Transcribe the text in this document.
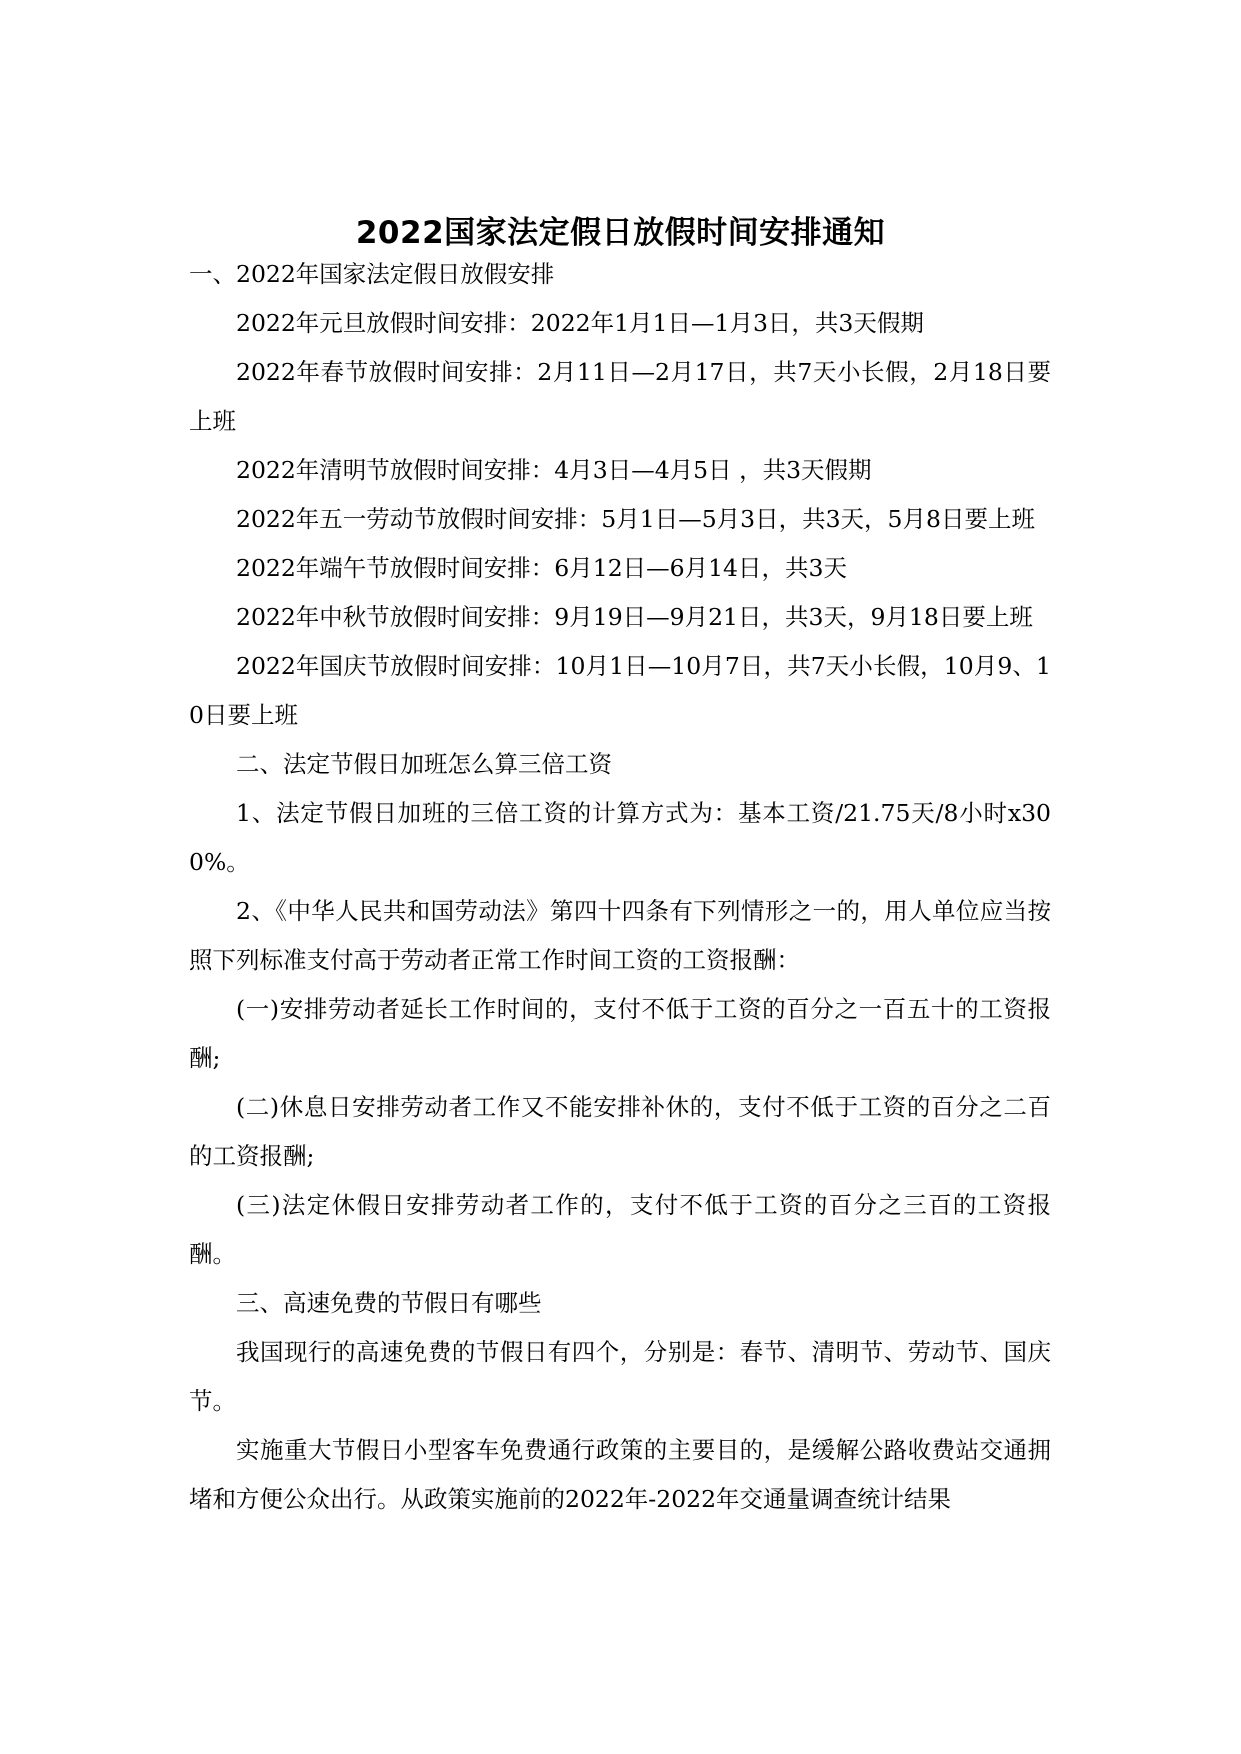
2022国家法定假日放假时间安排通知

一、2022年国家法定假日放假安排

2022年元旦放假时间安排：2022年1月1日—1月3日，共3天假期

2022年春节放假时间安排：2月11日—2月17日，共7天小长假，2月18日要上班

2022年清明节放假时间安排：4月3日—4月5日 ，共3天假期

2022年五一劳动节放假时间安排：5月1日—5月3日，共3天，5月8日要上班

2022年端午节放假时间安排：6月12日—6月14日，共3天

2022年中秋节放假时间安排：9月19日—9月21日，共3天，9月18日要上班

2022年国庆节放假时间安排：10月1日—10月7日，共7天小长假，10月9、10日要上班

二、法定节假日加班怎么算三倍工资

1、法定节假日加班的三倍工资的计算方式为：基本工资/21.75天/8小时x300%。

2、《中华人民共和国劳动法》第四十四条有下列情形之一的，用人单位应当按照下列标准支付高于劳动者正常工作时间工资的工资报酬：

(一)安排劳动者延长工作时间的，支付不低于工资的百分之一百五十的工资报酬;

(二)休息日安排劳动者工作又不能安排补休的，支付不低于工资的百分之二百的工资报酬;

(三)法定休假日安排劳动者工作的，支付不低于工资的百分之三百的工资报酬。

三、高速免费的节假日有哪些

我国现行的高速免费的节假日有四个，分别是：春节、清明节、劳动节、国庆节。

实施重大节假日小型客车免费通行政策的主要目的，是缓解公路收费站交通拥堵和方便公众出行。从政策实施前的2022年-2022年交通量调查统计结果
